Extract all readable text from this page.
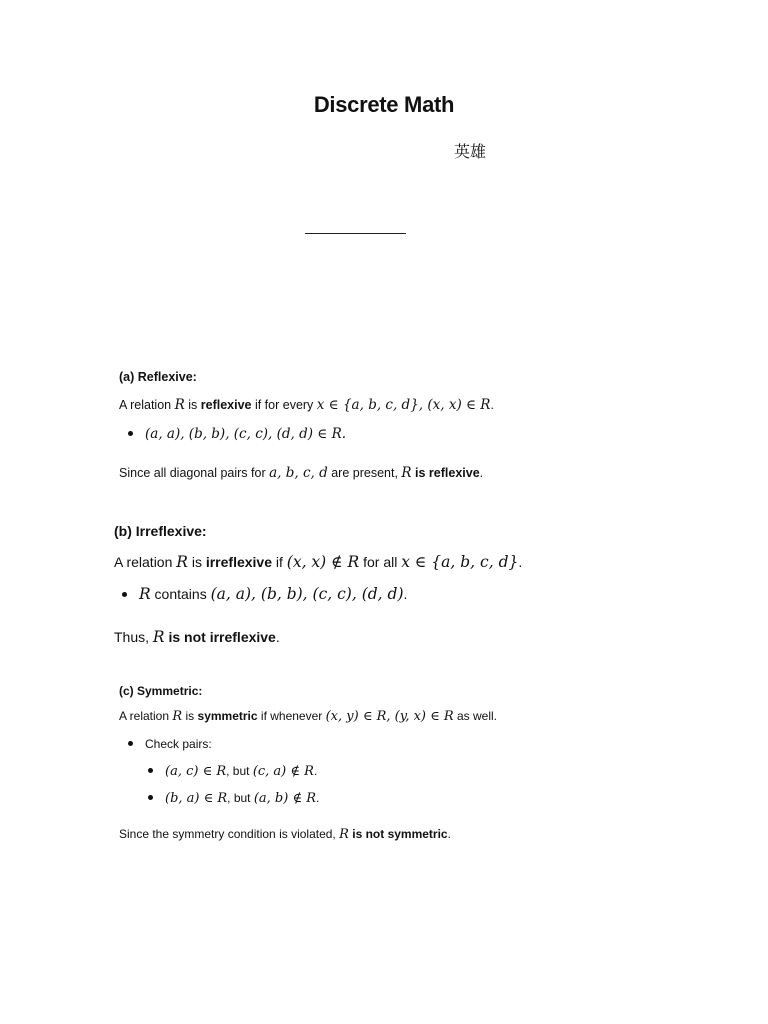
Discrete Math
英雄
(a) Reflexive:
A relation R is reflexive if for every x ∈ {a, b, c, d}, (x, x) ∈ R.
(a, a), (b, b), (c, c), (d, d) ∈ R.
Since all diagonal pairs for a, b, c, d are present, R is reflexive.
(b) Irreflexive:
A relation R is irreflexive if (x, x) ∉ R for all x ∈ {a, b, c, d}.
R contains (a, a), (b, b), (c, c), (d, d).
Thus, R is not irreflexive.
(c) Symmetric:
A relation R is symmetric if whenever (x, y) ∈ R, (y, x) ∈ R as well.
Check pairs:
(a, c) ∈ R, but (c, a) ∉ R.
(b, a) ∈ R, but (a, b) ∉ R.
Since the symmetry condition is violated, R is not symmetric.
